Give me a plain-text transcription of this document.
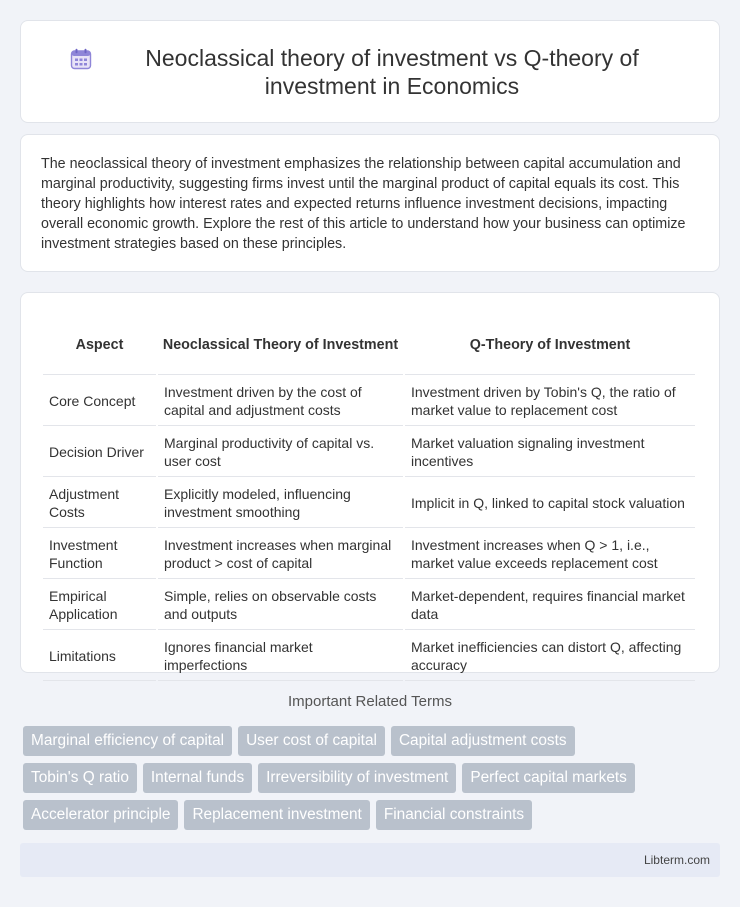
Neoclassical theory of investment vs Q-theory of investment in Economics

The neoclassical theory of investment emphasizes the relationship between capital accumulation and marginal productivity, suggesting firms invest until the marginal product of capital equals its cost. This theory highlights how interest rates and expected returns influence investment decisions, impacting overall economic growth. Explore the rest of this article to understand how your business can optimize investment strategies based on these principles.

Aspect	Neoclassical Theory of Investment	Q-Theory of Investment
Core Concept	Investment driven by the cost of capital and adjustment costs	Investment driven by Tobin's Q, the ratio of market value to replacement cost
Decision Driver	Marginal productivity of capital vs. user cost	Market valuation signaling investment incentives
Adjustment Costs	Explicitly modeled, influencing investment smoothing	Implicit in Q, linked to capital stock valuation
Investment Function	Investment increases when marginal product > cost of capital	Investment increases when Q > 1, i.e., market value exceeds replacement cost
Empirical Application	Simple, relies on observable costs and outputs	Market-dependent, requires financial market data
Limitations	Ignores financial market imperfections	Market inefficiencies can distort Q, affecting accuracy
Important Related Terms
Marginal efficiency of capital	User cost of capital	Capital adjustment costs
Tobin's Q ratio	Internal funds	Irreversibility of investment	Perfect capital markets
Accelerator principle	Replacement investment	Financial constraints
Libterm.com
